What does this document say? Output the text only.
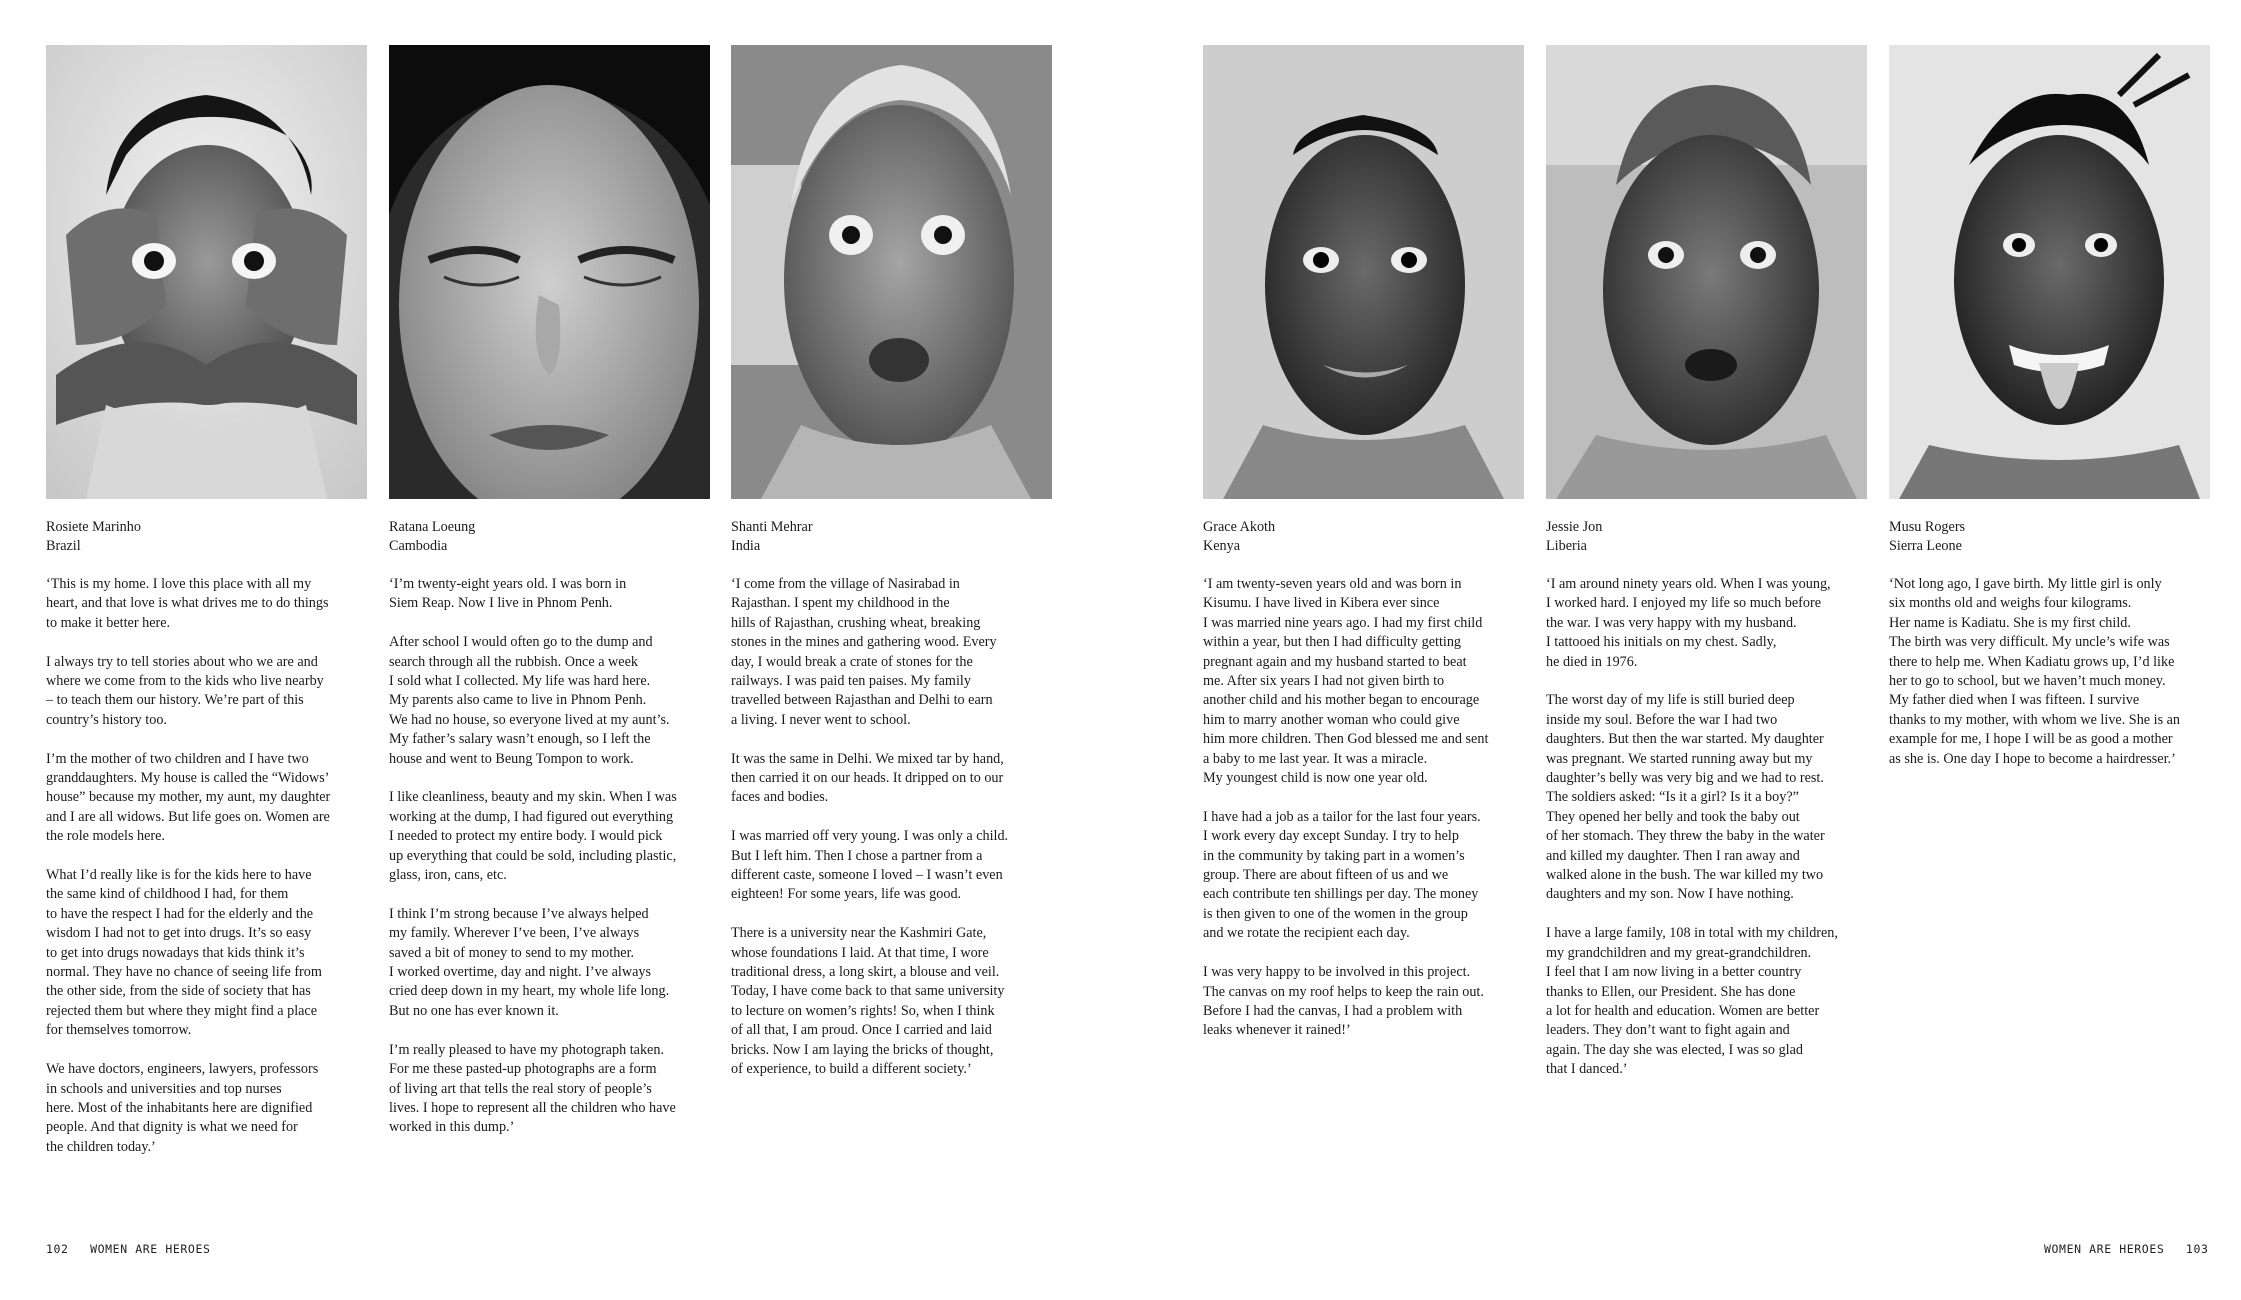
Rosiete Marinho
Brazil

‘This is my home. I love this place with all my
heart, and that love is what drives me to do things
to make it better here.

I always try to tell stories about who we are and
where we come from to the kids who live nearby
– to teach them our history. We’re part of this
country’s history too.

I’m the mother of two children and I have two
granddaughters. My house is called the “Widows’
house” because my mother, my aunt, my daughter
and I are all widows. But life goes on. Women are
the role models here.

What I’d really like is for the kids here to have
the same kind of childhood I had, for them
to have the respect I had for the elderly and the
wisdom I had not to get into drugs. It’s so easy
to get into drugs nowadays that kids think it’s
normal. They have no chance of seeing life from
the other side, from the side of society that has
rejected them but where they might find a place
for themselves tomorrow.

We have doctors, engineers, lawyers, professors
in schools and universities and top nurses
here. Most of the inhabitants here are dignified
people. And that dignity is what we need for
the children today.’

Ratana Loeung
Cambodia

‘I’m twenty-eight years old. I was born in
Siem Reap. Now I live in Phnom Penh.

After school I would often go to the dump and
search through all the rubbish. Once a week
I sold what I collected. My life was hard here.
My parents also came to live in Phnom Penh.
We had no house, so everyone lived at my aunt’s.
My father’s salary wasn’t enough, so I left the
house and went to Beung Tompon to work.

I like cleanliness, beauty and my skin. When I was
working at the dump, I had figured out everything
I needed to protect my entire body. I would pick
up everything that could be sold, including plastic,
glass, iron, cans, etc.

I think I’m strong because I’ve always helped
my family. Wherever I’ve been, I’ve always
saved a bit of money to send to my mother.
I worked overtime, day and night. I’ve always
cried deep down in my heart, my whole life long.
But no one has ever known it.

I’m really pleased to have my photograph taken.
For me these pasted-up photographs are a form
of living art that tells the real story of people’s
lives. I hope to represent all the children who have
worked in this dump.’

Shanti Mehrar
India

‘I come from the village of Nasirabad in
Rajasthan. I spent my childhood in the
hills of Rajasthan, crushing wheat, breaking
stones in the mines and gathering wood. Every
day, I would break a crate of stones for the
railways. I was paid ten paises. My family
travelled between Rajasthan and Delhi to earn
a living. I never went to school.

It was the same in Delhi. We mixed tar by hand,
then carried it on our heads. It dripped on to our
faces and bodies.

I was married off very young. I was only a child.
But I left him. Then I chose a partner from a
different caste, someone I loved – I wasn’t even
eighteen! For some years, life was good.

There is a university near the Kashmiri Gate,
whose foundations I laid. At that time, I wore
traditional dress, a long skirt, a blouse and veil.
Today, I have come back to that same university
to lecture on women’s rights! So, when I think
of all that, I am proud. Once I carried and laid
bricks. Now I am laying the bricks of thought,
of experience, to build a different society.’

102 WOMEN ARE HEROES
Grace Akoth
Kenya

‘I am twenty-seven years old and was born in
Kisumu. I have lived in Kibera ever since
I was married nine years ago. I had my first child
within a year, but then I had difficulty getting
pregnant again and my husband started to beat
me. After six years I had not given birth to
another child and his mother began to encourage
him to marry another woman who could give
him more children. Then God blessed me and sent
a baby to me last year. It was a miracle.
My youngest child is now one year old.

I have had a job as a tailor for the last four years.
I work every day except Sunday. I try to help
in the community by taking part in a women’s
group. There are about fifteen of us and we
each contribute ten shillings per day. The money
is then given to one of the women in the group
and we rotate the recipient each day.

I was very happy to be involved in this project.
The canvas on my roof helps to keep the rain out.
Before I had the canvas, I had a problem with
leaks whenever it rained!’

Jessie Jon
Liberia

‘I am around ninety years old. When I was young,
I worked hard. I enjoyed my life so much before
the war. I was very happy with my husband.
I tattooed his initials on my chest. Sadly,
he died in 1976.

The worst day of my life is still buried deep
inside my soul. Before the war I had two
daughters. But then the war started. My daughter
was pregnant. We started running away but my
daughter’s belly was very big and we had to rest.
The soldiers asked: “Is it a girl? Is it a boy?”
They opened her belly and took the baby out
of her stomach. They threw the baby in the water
and killed my daughter. Then I ran away and
walked alone in the bush. The war killed my two
daughters and my son. Now I have nothing.

I have a large family, 108 in total with my children,
my grandchildren and my great-grandchildren.
I feel that I am now living in a better country
thanks to Ellen, our President. She has done
a lot for health and education. Women are better
leaders. They don’t want to fight again and
again. The day she was elected, I was so glad
that I danced.’

Musu Rogers
Sierra Leone

‘Not long ago, I gave birth. My little girl is only
six months old and weighs four kilograms.
Her name is Kadiatu. She is my first child.
The birth was very difficult. My uncle’s wife was
there to help me. When Kadiatu grows up, I’d like
her to go to school, but we haven’t much money.
My father died when I was fifteen. I survive
thanks to my mother, with whom we live. She is an
example for me, I hope I will be as good a mother
as she is. One day I hope to become a hairdresser.’

WOMEN ARE HEROES 103
